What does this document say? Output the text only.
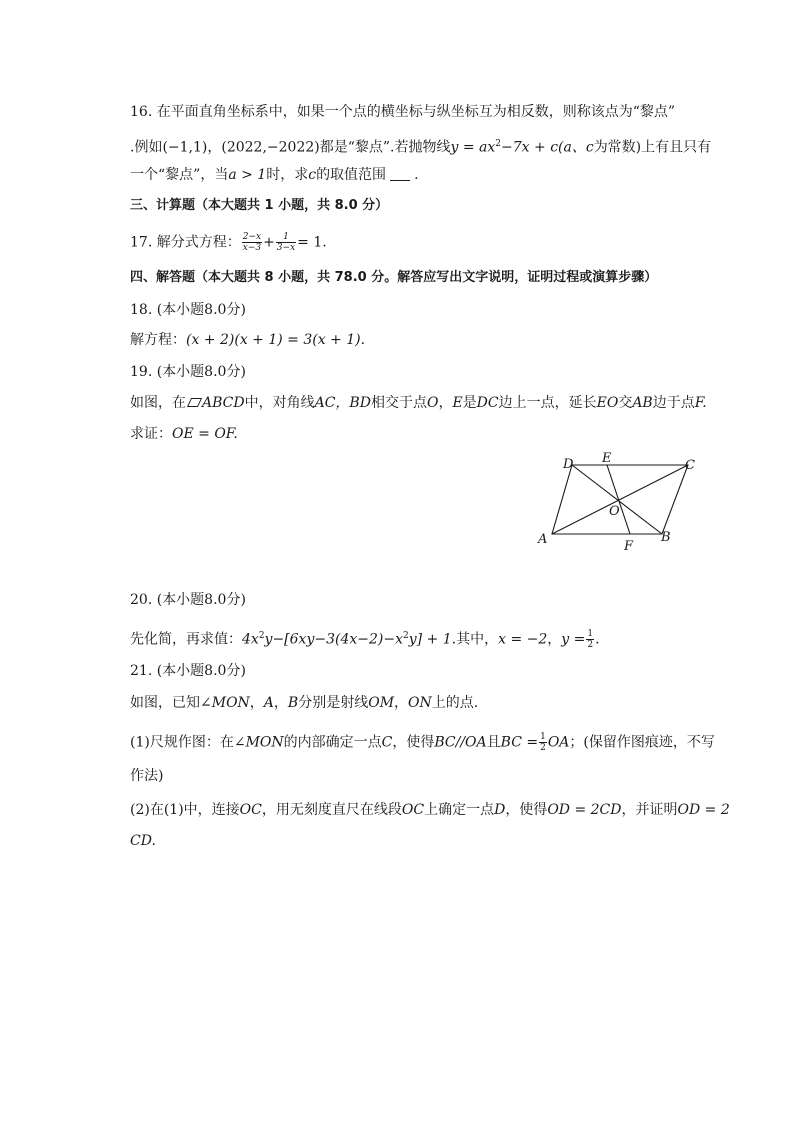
16. 在平面直角坐标系中，如果一个点的横坐标与纵坐标互为相反数，则称该点为“黎点”
.例如(−1,1)，(2022,−2022)都是“黎点”.若抛物线$y = ax^2-7x + c(a$、c为常数)上有且只有
一个“黎点”，当a > 1时，求c的取值范围 .
三、计算题（本大题共 1 小题，共 8.0 分）
17. 解分式方程： $\frac{2-x}{x-3} + \frac{1}{3-x} = 1$.
四、解答题（本大题共 8 小题，共 78.0 分。解答应写出文字说明，证明过程或演算步骤）
18. (本小题8.0分)
解方程：(x + 2)(x + 1) = 3(x + 1).
19. (本小题8.0分)
如图，在 ABCD中，对角线AC，BD相交于点O，E是DC边上一点，延长EO交AB边于点F.
求证：OE = OF.
D E	C
O
A	F
B
20. (本小题8.0分)
先化简，再求值：$4x^2y-[6xy-3(4x-2)-x^2y] + 1$.其中，x = −2，$y = \frac{1}{2}$ .
21. (本小题8.0分)
如图，已知∠MON，A，B分别是射线OM，ON上的点.
(1)尺规作图：在∠MON的内部确定一点C，使得BC//OA且BC = $\frac{1}{2}$ OA；(保留作图痕迹，不写
作法)
(2)在(1)中，连接OC，用无刻度直尺在线段OC上确定一点D，使得OD = 2CD，并证明OD = 2
CD.
